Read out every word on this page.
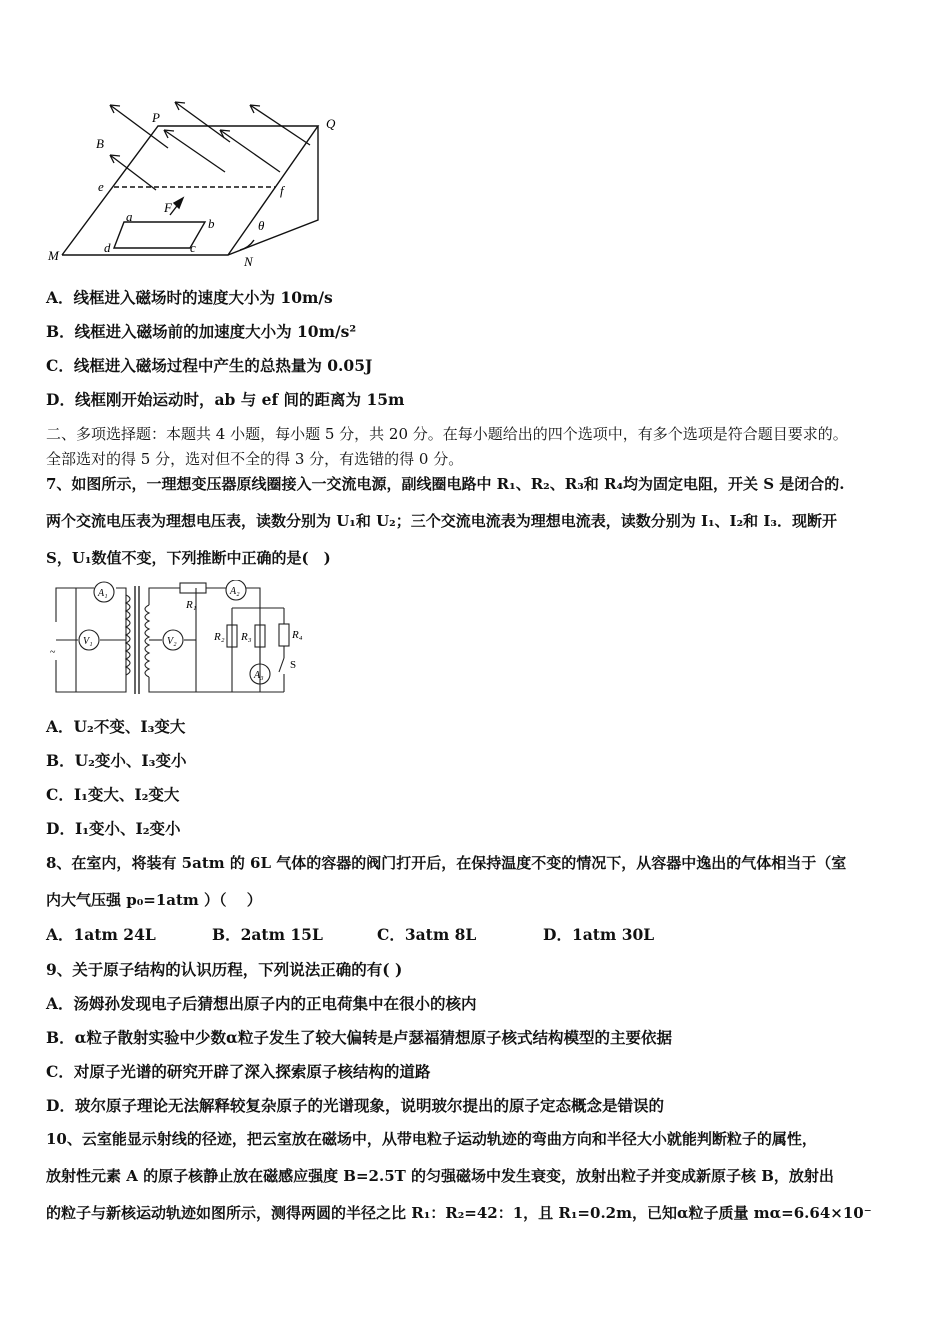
P	Q
B
e	f
F
a	b
c
d
M	N
θ
A．线框进入磁场时的速度大小为 10m/s
B．线框进入磁场前的加速度大小为 10m/s²
C．线框进入磁场过程中产生的总热量为 0.05J
D．线框刚开始运动时，ab 与 ef 间的距离为 15m
二、多项选择题：本题共 4 小题，每小题 5 分，共 20 分。在每小题给出的四个选项中，有多个选项是符合题目要求的。
全部选对的得 5 分，选对但不全的得 3 分，有选错的得 0 分。
7、如图所示，一理想变压器原线圈接入一交流电源，副线圈电路中 R₁、R₂、R₃和 R₄均为固定电阻，开关 S 是闭合的.
两个交流电压表为理想电压表，读数分别为 U₁和 U₂；三个交流电流表为理想电流表，读数分别为 I₁、I₂和 I₃．现断开
S，U₁数值不变，下列推断中正确的是(　)
A₁
V₁	V₂
A₂
A₃
R₁
R₂ R₃	R₄
S
~
A．U₂不变、I₃变大
B．U₂变小、I₃变小
C．I₁变大、I₂变大
D．I₁变小、I₂变小
8、在室内，将装有 5atm 的 6L 气体的容器的阀门打开后，在保持温度不变的情况下，从容器中逸出的气体相当于（室
内大气压强 p₀=1atm ）（　 ）
A．1atm 24L	B．2atm 15L	C．3atm 8L	D．1atm 30L
9、关于原子结构的认识历程，下列说法正确的有( )
A．汤姆孙发现电子后猜想出原子内的正电荷集中在很小的核内
B．α粒子散射实验中少数α粒子发生了较大偏转是卢瑟福猜想原子核式结构模型的主要依据
C．对原子光谱的研究开辟了深入探索原子核结构的道路
D．玻尔原子理论无法解释较复杂原子的光谱现象，说明玻尔提出的原子定态概念是错误的
10、云室能显示射线的径迹，把云室放在磁场中，从带电粒子运动轨迹的弯曲方向和半径大小就能判断粒子的属性，
放射性元素 A 的原子核静止放在磁感应强度 B=2.5T 的匀强磁场中发生衰变，放射出粒子并变成新原子核 B，放射出
的粒子与新核运动轨迹如图所示，测得两圆的半径之比 R₁：R₂=42：1，且 R₁=0.2m，已知α粒子质量 mα=6.64×10⁻
